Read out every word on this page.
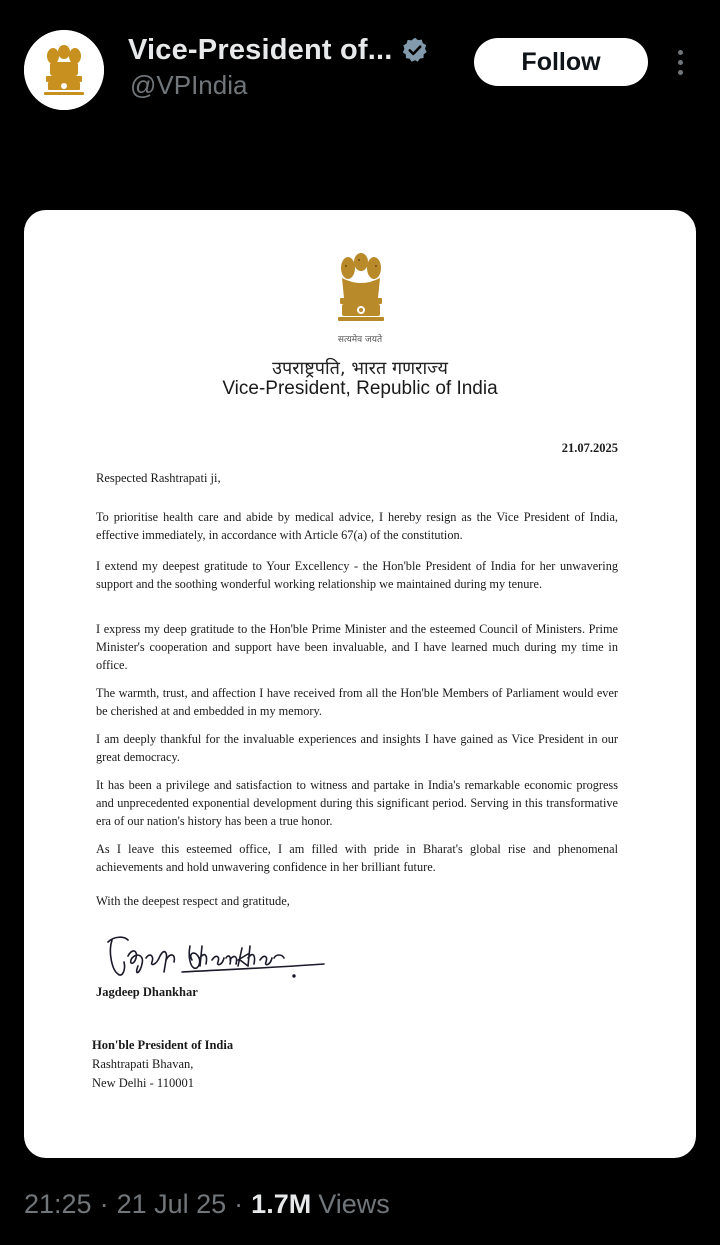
Vice-President of...
@VPIndia
Follow
सत्यमेव जयते
उपराष्ट्रपति, भारत गणराज्य
Vice-President, Republic of India
21.07.2025
Respected Rashtrapati ji,
To prioritise health care and abide by medical advice, I hereby resign as the Vice President of India, effective immediately, in accordance with Article 67(a) of the constitution.
I extend my deepest gratitude to Your Excellency - the Hon'ble President of India for her unwavering support and the soothing wonderful working relationship we maintained during my tenure.
I express my deep gratitude to the Hon'ble Prime Minister and the esteemed Council of Ministers. Prime Minister's cooperation and support have been invaluable, and I have learned much during my time in office.
The warmth, trust, and affection I have received from all the Hon'ble Members of Parliament would ever be cherished at and embedded in my memory.
I am deeply thankful for the invaluable experiences and insights I have gained as Vice President in our great democracy.
It has been a privilege and satisfaction to witness and partake in India's remarkable economic progress and unprecedented exponential development during this significant period. Serving in this transformative era of our nation's history has been a true honor.
As I leave this esteemed office, I am filled with pride in Bharat's global rise and phenomenal achievements and hold unwavering confidence in her brilliant future.
With the deepest respect and gratitude,
Jagdeep Dhankhar
Hon'ble President of India
Rashtrapati Bhavan,
New Delhi - 110001
21:25 · 21 Jul 25 · 1.7M Views
